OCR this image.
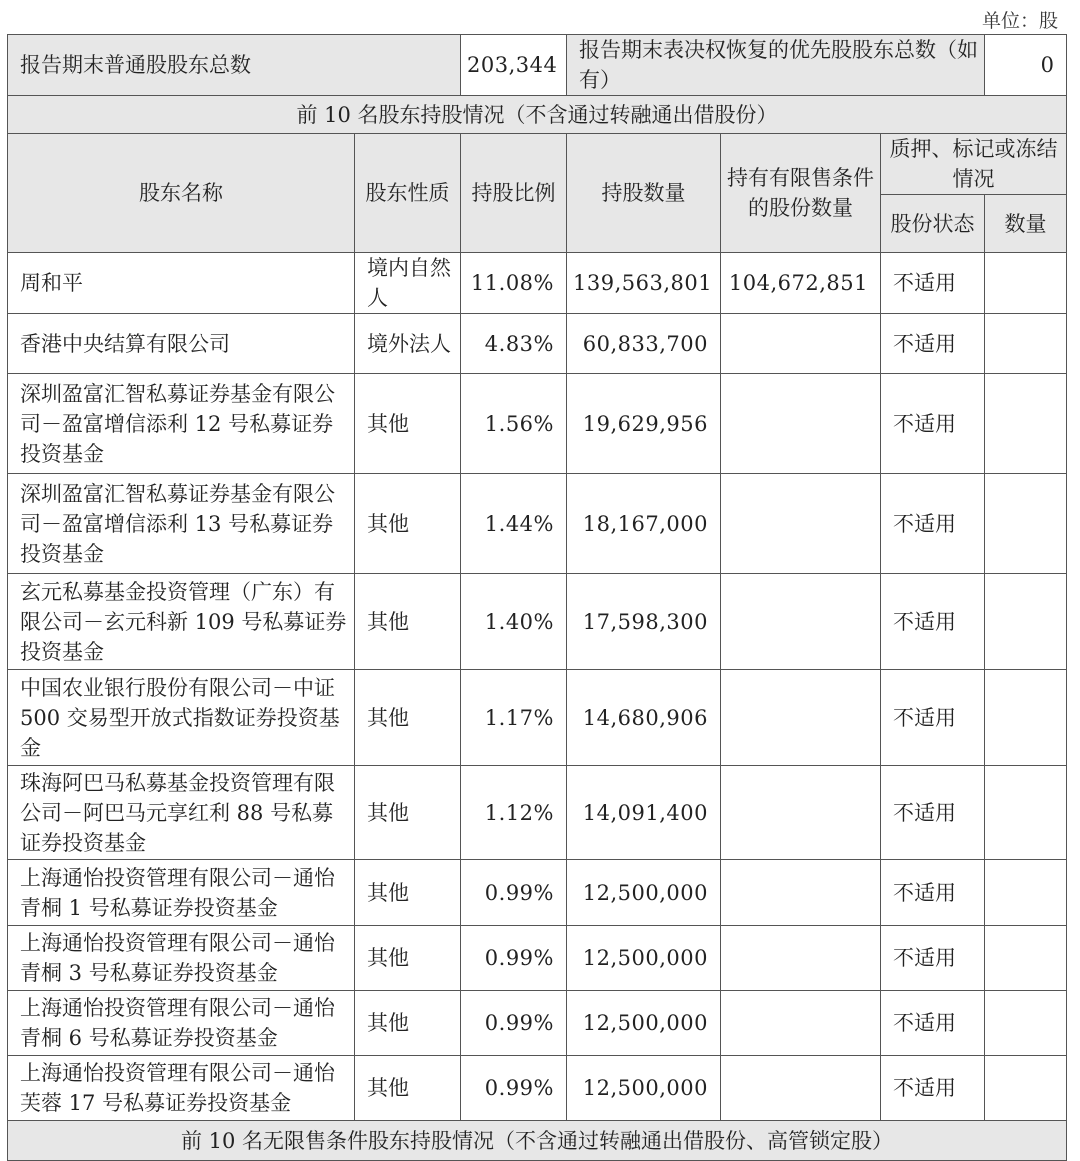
单位：股
报告期末普通股股东总数		203,344	报告期末表决权恢复的优先股股东总数（如有）			0
前 10 名股东持股情况（不含通过转融通出借股份）						
股东名称	股东性质	持股比例	持股数量	持有有限售条件的股份数量	质押、标记或冻结情况	
					股份状态	数量
周和平	境内自然人	11.08%	139,563,801	104,672,851	不适用	
香港中央结算有限公司	境外法人	4.83%	60,833,700		不适用	
深圳盈富汇智私募证券基金有限公司－盈富增信添利 12 号私募证券投资基金	其他	1.56%	19,629,956		不适用	
深圳盈富汇智私募证券基金有限公司－盈富增信添利 13 号私募证券投资基金	其他	1.44%	18,167,000		不适用	
玄元私募基金投资管理（广东）有限公司－玄元科新 109 号私募证券投资基金	其他	1.40%	17,598,300		不适用	
中国农业银行股份有限公司－中证 500 交易型开放式指数证券投资基金	其他	1.17%	14,680,906		不适用	
珠海阿巴马私募基金投资管理有限公司－阿巴马元享红利 88 号私募证券投资基金	其他	1.12%	14,091,400		不适用	
上海通怡投资管理有限公司－通怡青桐 1 号私募证券投资基金	其他	0.99%	12,500,000		不适用	
上海通怡投资管理有限公司－通怡青桐 3 号私募证券投资基金	其他	0.99%	12,500,000		不适用	
上海通怡投资管理有限公司－通怡青桐 6 号私募证券投资基金	其他	0.99%	12,500,000		不适用	
上海通怡投资管理有限公司－通怡芙蓉 17 号私募证券投资基金	其他	0.99%	12,500,000		不适用	
前 10 名无限售条件股东持股情况（不含通过转融通出借股份、高管锁定股）						
